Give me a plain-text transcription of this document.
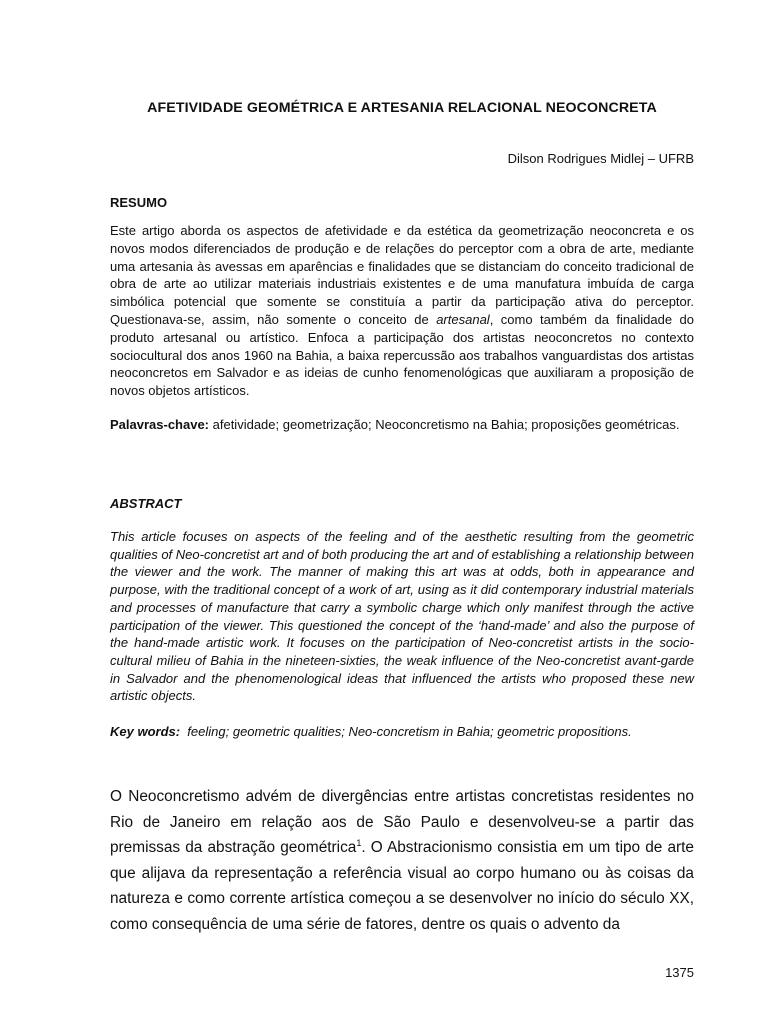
AFETIVIDADE GEOMÉTRICA E ARTESANIA RELACIONAL NEOCONCRETA
Dilson Rodrigues Midlej – UFRB
RESUMO

Este artigo aborda os aspectos de afetividade e da estética da geometrização neoconcreta e os novos modos diferenciados de produção e de relações do perceptor com a obra de arte, mediante uma artesania às avessas em aparências e finalidades que se distanciam do conceito tradicional de obra de arte ao utilizar materiais industriais existentes e de uma manufatura imbuída de carga simbólica potencial que somente se constituía a partir da participação ativa do perceptor. Questionava-se, assim, não somente o conceito de artesanal, como também da finalidade do produto artesanal ou artístico. Enfoca a participação dos artistas neoconcretos no contexto sociocultural dos anos 1960 na Bahia, a baixa repercussão aos trabalhos vanguardistas dos artistas neoconcretos em Salvador e as ideias de cunho fenomenológicas que auxiliaram a proposição de novos objetos artísticos.

Palavras-chave: afetividade; geometrização; Neoconcretismo na Bahia; proposições geométricas.

ABSTRACT

This article focuses on aspects of the feeling and of the aesthetic resulting from the geometric qualities of Neo-concretist art and of both producing the art and of establishing a relationship between the viewer and the work. The manner of making this art was at odds, both in appearance and purpose, with the traditional concept of a work of art, using as it did contemporary industrial materials and processes of manufacture that carry a symbolic charge which only manifest through the active participation of the viewer. This questioned the concept of the ‘hand-made’ and also the purpose of the hand-made artistic work. It focuses on the participation of Neo-concretist artists in the socio-cultural milieu of Bahia in the nineteen-sixties, the weak influence of the Neo-concretist avant-garde in Salvador and the phenomenological ideas that influenced the artists who proposed these new artistic objects.

Key words:  feeling; geometric qualities; Neo-concretism in Bahia; geometric propositions.

O Neoconcretismo advém de divergências entre artistas concretistas residentes no Rio de Janeiro em relação aos de São Paulo e desenvolveu-se a partir das premissas da abstração geométrica$^1$. O Abstracionismo consistia em um tipo de arte que alijava da representação a referência visual ao corpo humano ou às coisas da natureza e como corrente artística começou a se desenvolver no início do século XX, como consequência de uma série de fatores, dentre os quais o advento da

1375
